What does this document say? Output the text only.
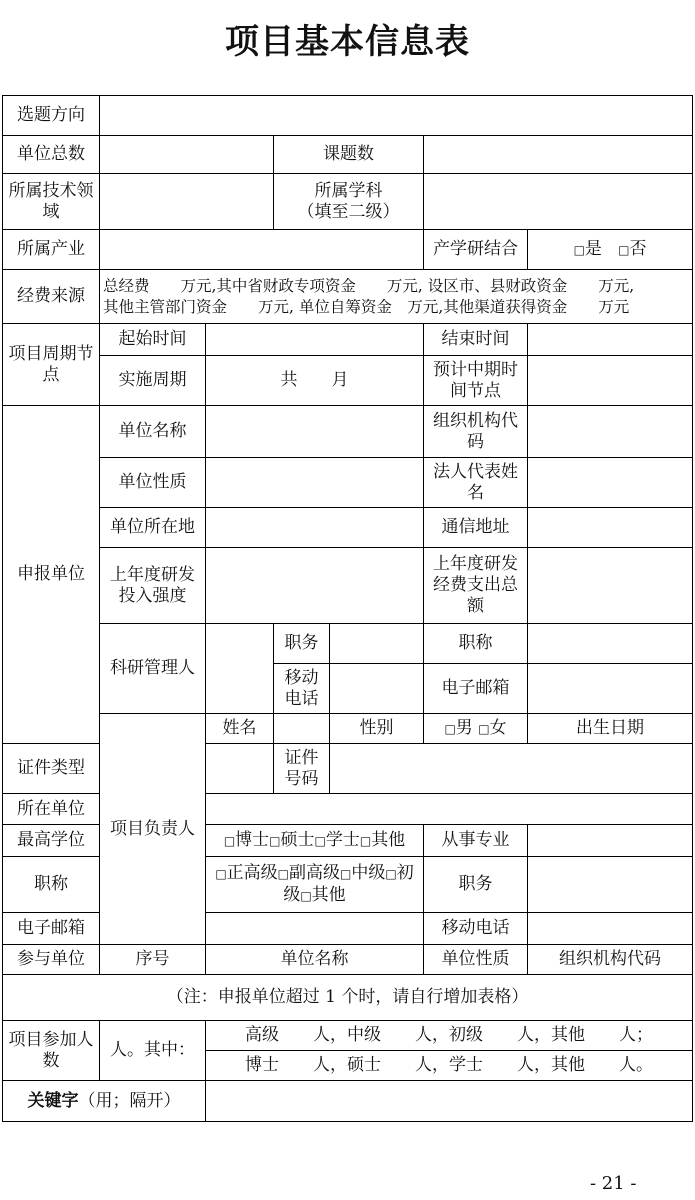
项目基本信息表
选题方向							
单位总数			课题数				
所属技术领域			所属学科
（填至二级）				
所属产业					产学研结合	□是 □ 否
经费来源	总经费　　万元,其中省财政专项资金　　万元, 设区市、县财政资金　　万元,
其他主管部门资金　　万元, 单位自筹资金　万元,其他渠道获得资金　　万元						

项目周期节点	起始时间				结束时间		
	实施周期	共　　月			预计中期时间节点		
申报单位	单位名称				组织机构代码		
	单位性质				法人代表姓名		
	单位所在地				通信地址		
	上年度研发投入强度				上年度研发经费支出总额		
	科研管理人		职务		职称		
			移动电话		电子邮箱		
	项目负责人	姓名		性别	□男 □ 女	出生日期	
证件类型			证件号码				
所在单位							
最高学位	□博士 □ 硕士 □ 学士 □ 其他			从事专业		
职称	□ 正高级 □ 副高级 □ 中级 □ 初
级 □ 其他			职务		
电子邮箱					移动电话		
参与单位	序号	单位名称			单位性质	组织机构代码	
（注：申报单位超过 1 个时，请自行增加表格）							
项目参加人数	人。其中：	高级　　人，中级　　人，初级　　人，其他　　人；					
		博士　　人，硕士　　人，学士　　人，其他　　人。					
关键字（用；隔开）							
- 21 -
